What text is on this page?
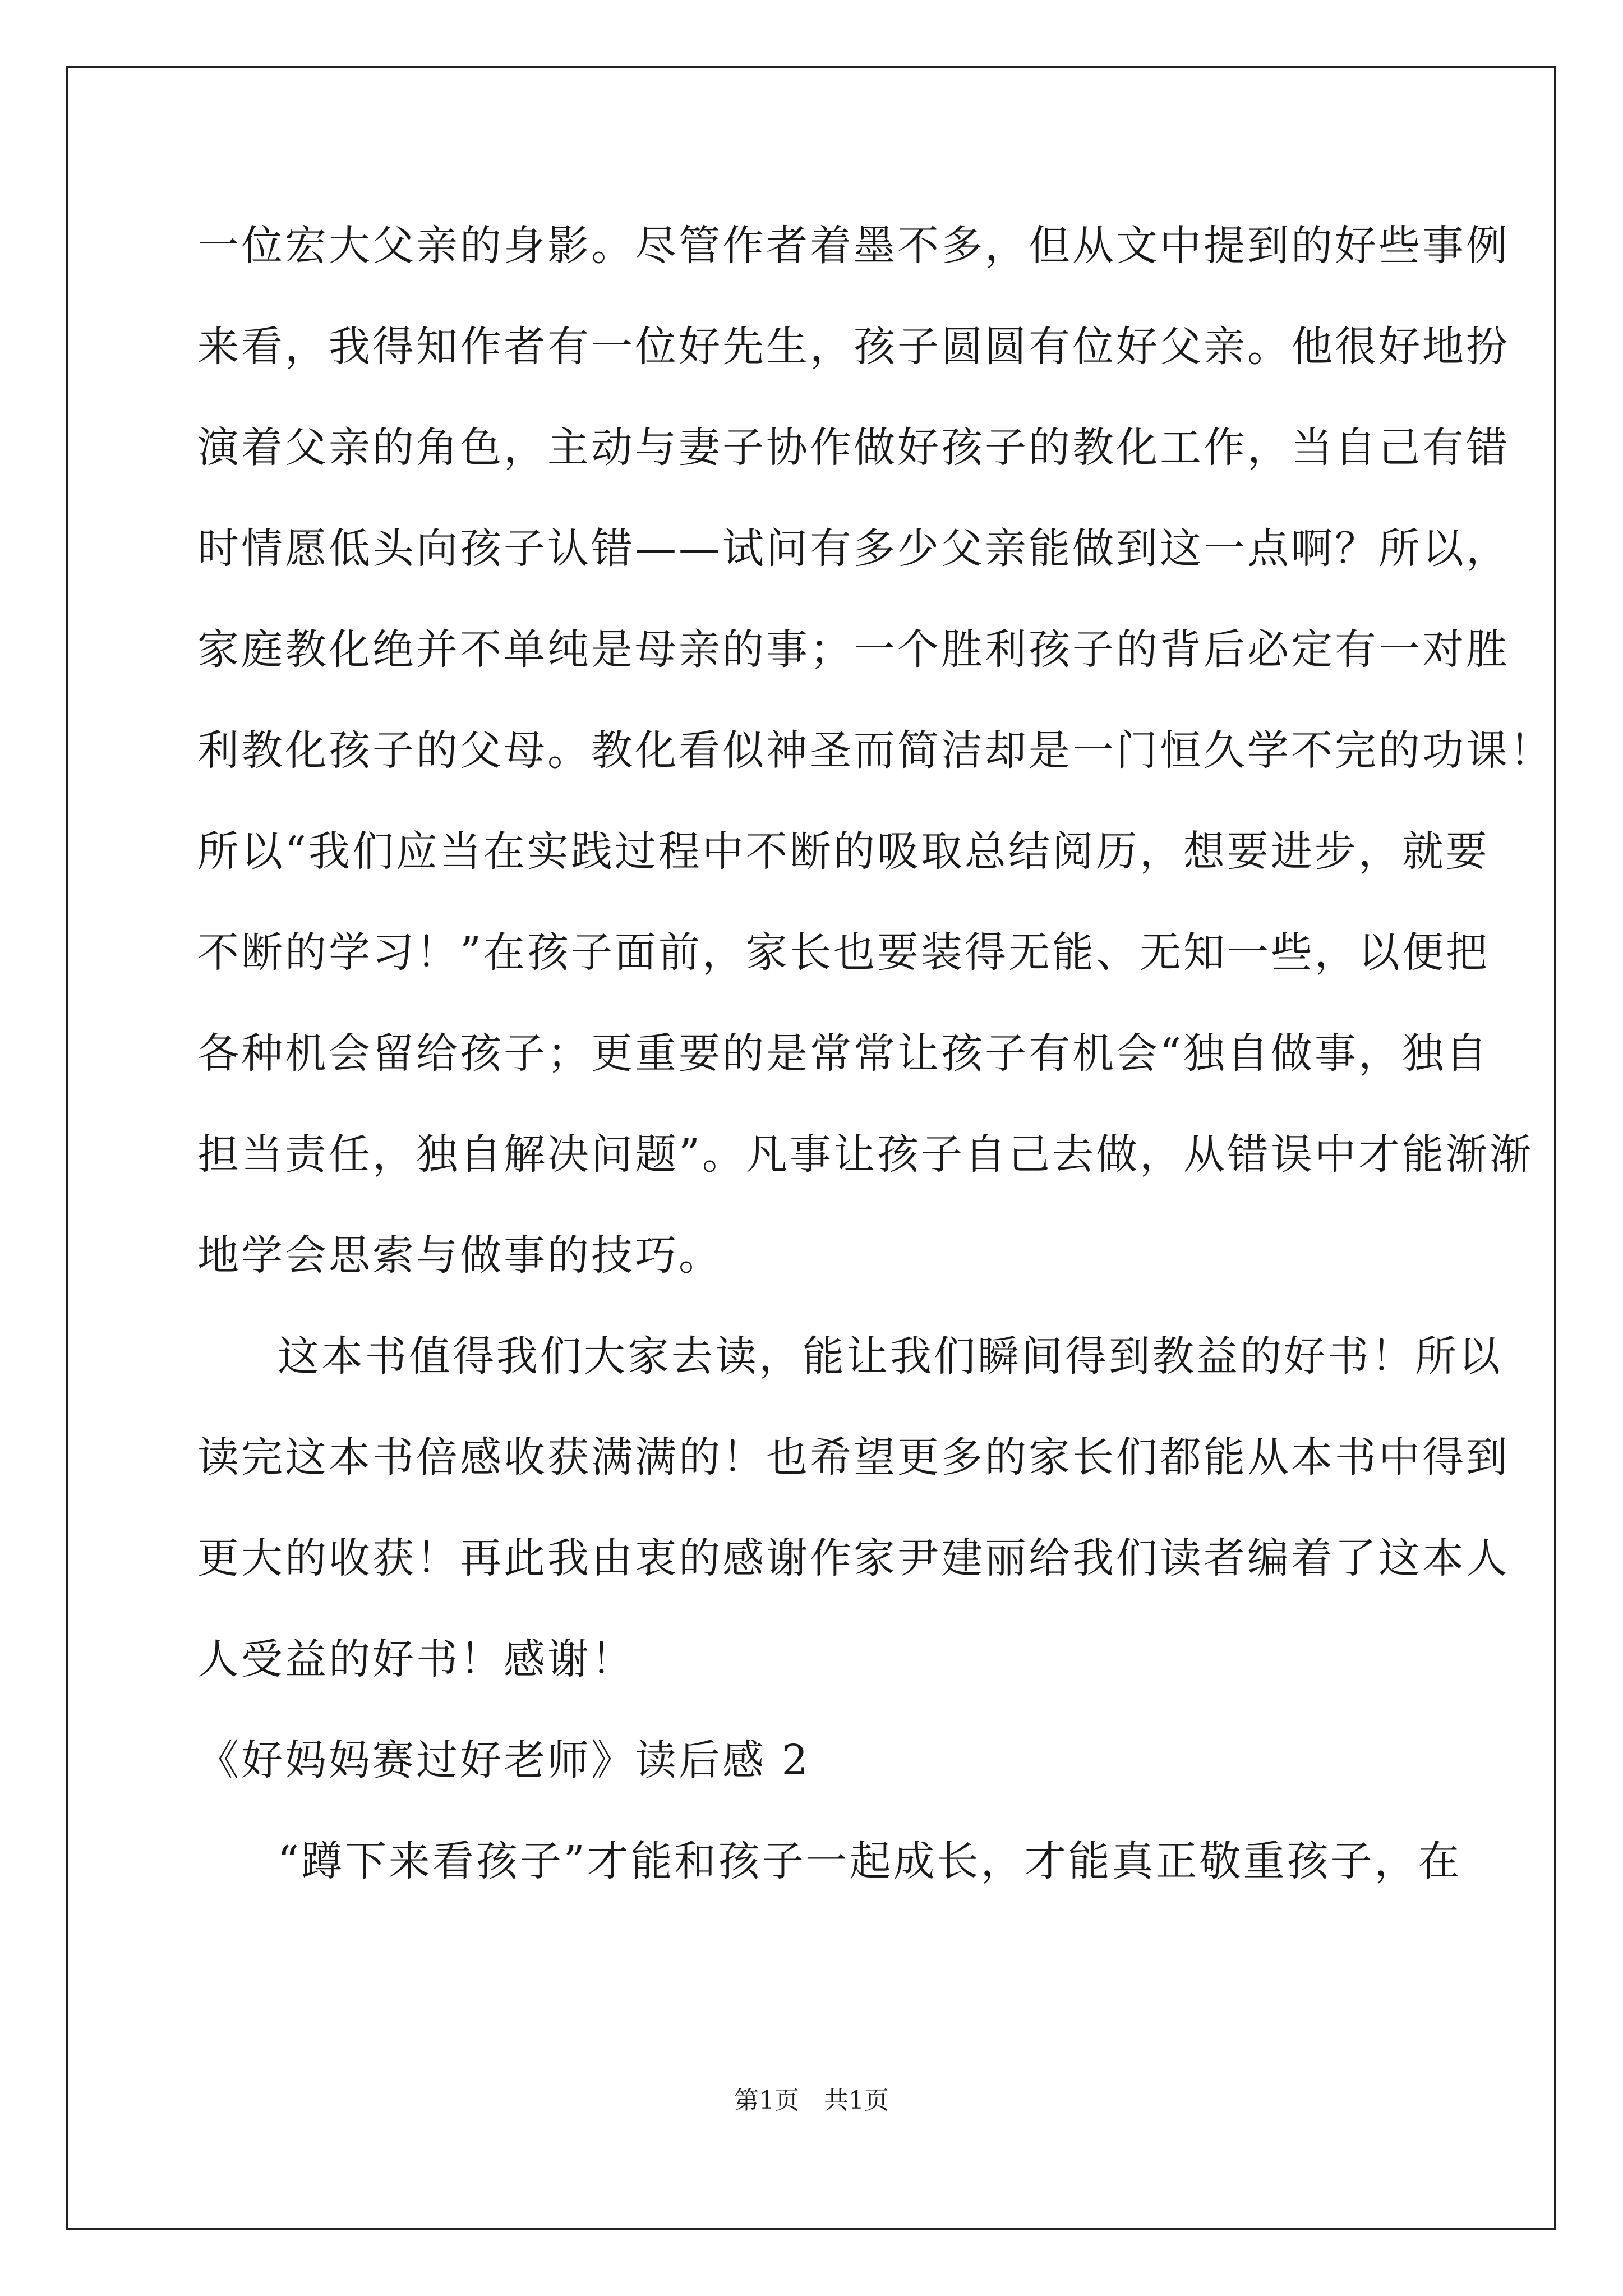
一位宏大父亲的身影。尽管作者着墨不多，但从文中提到的好些事例

来看，我得知作者有一位好先生，孩子圆圆有位好父亲。他很好地扮

演着父亲的角色，主动与妻子协作做好孩子的教化工作，当自己有错

时情愿低头向孩子认错——试问有多少父亲能做到这一点啊？所以，

家庭教化绝并不单纯是母亲的事；一个胜利孩子的背后必定有一对胜

利教化孩子的父母。教化看似神圣而简洁却是一门恒久学不完的功课！

所以“我们应当在实践过程中不断的吸取总结阅历，想要进步，就要

不断的学习！”在孩子面前，家长也要装得无能、无知一些，以便把

各种机会留给孩子；更重要的是常常让孩子有机会“独自做事，独自

担当责任，独自解决问题”。凡事让孩子自己去做，从错误中才能渐渐

地学会思索与做事的技巧。

这本书值得我们大家去读，能让我们瞬间得到教益的好书！所以

读完这本书倍感收获满满的！也希望更多的家长们都能从本书中得到

更大的收获！再此我由衷的感谢作家尹建丽给我们读者编着了这本人

人受益的好书！感谢！

《好妈妈赛过好老师》读后感 2

“蹲下来看孩子”才能和孩子一起成长，才能真正敬重孩子，在

第1页　共1页
